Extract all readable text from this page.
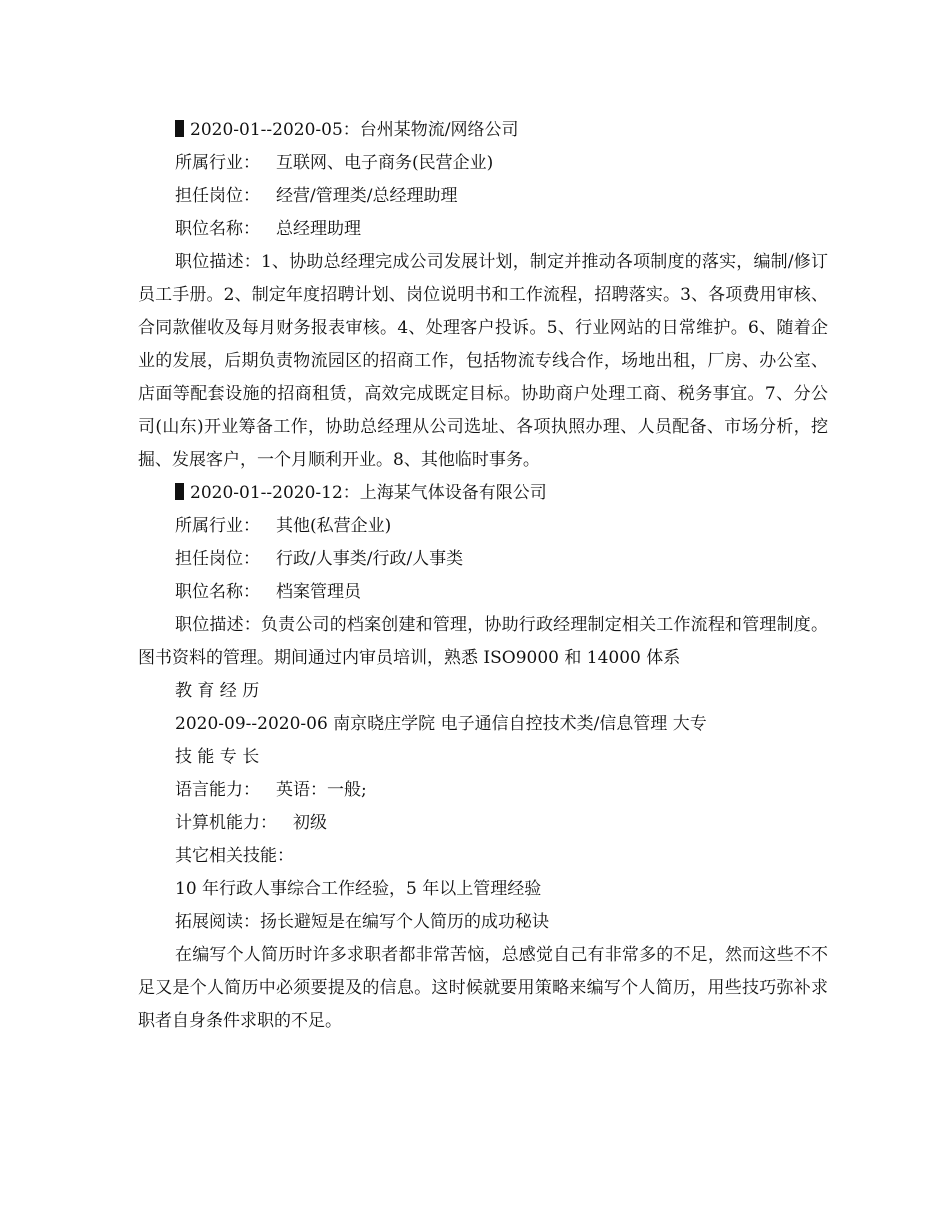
2020-01--2020-05：台州某物流/网络公司

所属行业： 互联网、电子商务(民营企业)

担任岗位： 经营/管理类/总经理助理

职位名称： 总经理助理

职位描述：1、协助总经理完成公司发展计划，制定并推动各项制度的落实，编制/修订员工手册。2、制定年度招聘计划、岗位说明书和工作流程，招聘落实。3、各项费用审核、合同款催收及每月财务报表审核。4、处理客户投诉。5、行业网站的日常维护。6、随着企业的发展，后期负责物流园区的招商工作，包括物流专线合作，场地出租，厂房、办公室、店面等配套设施的招商租赁，高效完成既定目标。协助商户处理工商、税务事宜。7、分公司(山东)开业筹备工作，协助总经理从公司选址、各项执照办理、人员配备、市场分析，挖掘、发展客户，一个月顺利开业。8、其他临时事务。

2020-01--2020-12：上海某气体设备有限公司

所属行业： 其他(私营企业)

担任岗位： 行政/人事类/行政/人事类

职位名称： 档案管理员

职位描述：负责公司的档案创建和管理，协助行政经理制定相关工作流程和管理制度。图书资料的管理。期间通过内审员培训，熟悉 ISO9000 和 14000 体系

教 育 经 历

2020-09--2020-06 南京晓庄学院 电子通信自控技术类/信息管理 大专

技 能 专 长

语言能力： 英语：一般;

计算机能力： 初级

其它相关技能：

10 年行政人事综合工作经验，5 年以上管理经验

拓展阅读：扬长避短是在编写个人简历的成功秘诀

在编写个人简历时许多求职者都非常苦恼，总感觉自己有非常多的不足，然而这些不不足又是个人简历中必须要提及的信息。这时候就要用策略来编写个人简历，用些技巧弥补求职者自身条件求职的不足。
